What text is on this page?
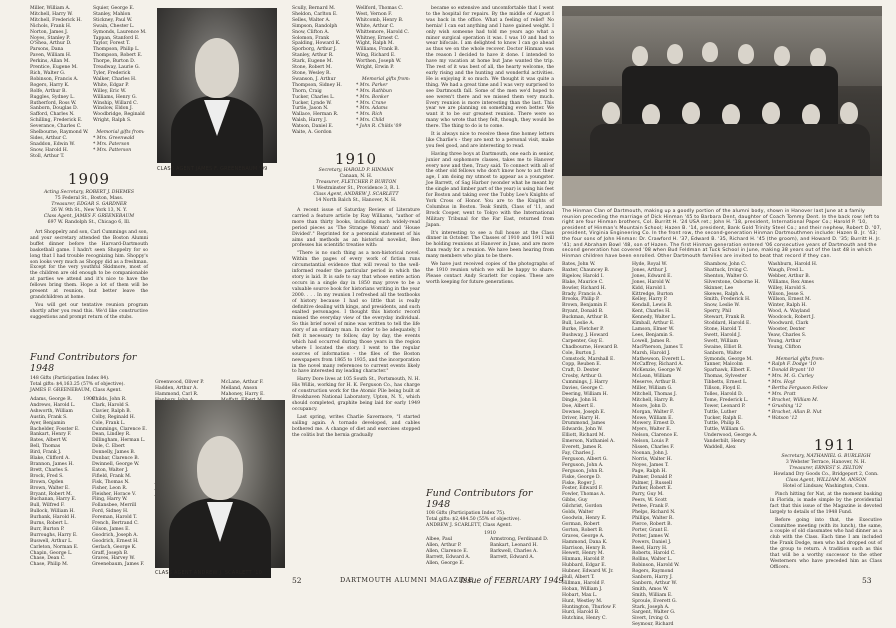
Miller, William A.
Mitchell, Harry W.
Mitchell, Frederick H.
Nichols, Frank H.
Norton, James J.
Noyes, Stanley P.
O'Shea, Arthur D.
Parsons, Dana
Paven, William H.
Perkins, Allan M.
Prentice, Eugene M.
Rich, Walter G.
Robinson, Francis A.
Rogers, Harry K.
Rolfe, Arthur B.
Ruggles, Sydney L.
Rutherford, Ross W.
Sanborn, Douglas D.
Safford, Charles N.
Schilling, Frederick E.
Severance, Charles C.
Shelbourne, Raymond W.
Sides, Arthur C.
Snaddon, Edwin W.
Snow, Harold H.
Stoll, Arthur T.
Squier, George E.
Stanley, Mahlon
Stickney, Paul W.
Swain, Chester L.
Symonds, Laurence M.
Tappan, Stanford E.
Taylor, Forest T.
Thompson, Philip L.
Thompson, Robert E.
Thorpe, Burton D.
Treadway, Laurie G.
Tyler, Frederick
Walker, Charles H.
White, Edgar P.
Willey, Eric W.
Williams, Henry G.
Winship, Willard C.
Winslow, Eldon J.
Woodbridge, Reginald
Wright, Ralph S.

Memorial gifts from:
* Mrs. Greenwald
* Mrs. Paterson
* Mrs. Patterson
1909
Acting Secretary, ROBERT J. DHEMES
75 Federal St., Boston, Mass.
Treasurer, EDGAR S. GARDNER
26 W. 9th St., New York 13, N. Y.
Class Agent, JAMES F. GREENEBAUM
697 W. Randolph St., Chicago 6, Ill.
Art Shoppelry and son, Carl Cummings and son, and your secretary attended the Boston Alumni buffet dinner before the Harvard-Dartmouth basketball game. I hadn't seen Shoppelry for so long that I had trouble recognizing him. Shoppy's son looks very much as Shoppy did as a freshman. Except for the very youthful Skidmore, most of the children are old enough to be companionable at parties we attend and it's nice to have the fellows bring them. Hope a lot of them will be present at reunion, but better leave the grandchildren at home.
You will get our tentative reunion program shortly after you read this. We'd like constructive suggestions and prompt return of the stubs.
Fund Contributors for 1948
148 Gifts (Participation Index 84).
Total gifts: $4,163.25 (57% of objective).
JAMES F. GREENEBAUM, Class Agent.
1909
Adams, George R.
Andrews, Harold L.
Ashworth, William
Austin, Frank S.
Ayer, Benjamin
Bachelder, Fosster E.
Bankart, Henry F.
Bates, Albert W.
Bell, Thomas
Bird, Frank J.
Blake, Clifford A.
Brannon, James H.
Brett, Charles S.
Brock, Fred S.
Brown, Ogden
Brown, Walter E.
Bryant, Robert M.
Buchanan, Harry E.
Bull, Wilfred F.
Bullock, William H.
Burbank, Harold H.
Burns, Robert L.
Burr, Burton P.
Burroughs, Harry E.
Buswell, Arthur L.
Carleton, Norman E.
Chapin, George L.
Chase, Dean C.
Chase, Philip M.
Childs, John R.
Clark, Harold S.
Clavier, Ralph B.
Colby, Reginald H.
Cole, Frank L.
Cummings, Clarence E.
Dean, Lindley R.
Dillingham, Herman L.
Dole, C. Ebert
Donnelly, James B.
Dunbar, Clarence B.
Dwinnell, George W.
Eaton, Walter J.
Fifield, Frank M.
Fisk, Thomas N.
Fisher, Leon R.
Fleisher, Horace V.
Fling, Harry W.
Follansbee, Merrill
Ford, Sidney H.
Foreman, Harold T.
French, Bertrand C.
Gilson, James E.
Goodrich, Joseph A.
Goodrich, Ernest H.
Gerlach, George K.
Graff, Joseph B.
Graves, Harvey W.
Greenebaum, James F.
Greenwood, Oliver P.
Hadden, Arthur A.
Hammond, Carl R.
McLane, Arthur F.
Melland, Anson
Mahoney, Harry E.
CLASS AGENT JAMES F. GREENEBAUM '09
CLASS AGENT ANDREW J. SCARLETT '10
52
Scully, Bernard M.
Sheldon, Carlton E.
Selles, Walter A.
Simpson, Randolph
Snow, Clifton A.
Solomon, Frank
Spalding, Howard K.
Sporborg, Arthur J.
Stanley, Arthur R.
Stark, Eugene M.
Stone, Robert M.
Stone, Wesley R.
Swanson, J. Arthur
Thompson, Sidney H.
Thorn, Craig
Tucker, Charles L.
Tucker, Lynde W.
Turtle, Jason N.
Wallace, Herman R.
Walsh, Harry J.
Watson, Daniel E.
Waite, A. Gordon
Wellford, Thomas C.
West, Vernon F.
Whitcomb, Henry B.
White, Arthur C.
Whittemore, Harold C.
Whitney, Ernest C.
Wight, Ralph M.
Williams, Frank B.
Wing, Richard E.
Worthen, Joseph W.
Wright, Erwin P.

Memorial gifts from:
* Mrs. Parker
* Mrs. Rathbun
* Mrs. Bonker
* Mrs. Crane
* Mrs. Adams
* Mrs. Rich
* Mrs. Child
* John R. Childs '09
1910
Secretary, HAROLD P. HINMAN
Canaan, N. H.
Treasurer, FLETCHER P. BURTON
1 Westminster St., Providence 3, R. I.
Class Agent, ANDREW J. SCARLETT
14 North Balch St., Hanover, N. H.
A recent issue of Saturday Review of Literature carried a feature article by Ray Williams, "author of more than thirty books, including such widely-read period pieces as 'The Strange Woman' and 'House Divided'." Reprinted for a perennial statement of his aims and methods as an historical novelist, Ben professes his scientific treatise with:
"There is no such thing as a non-historical novel. Within the pages of every work of fiction runs circumstantial evidence that will reveal to the well-informed reader the particular period in which the story is laid. It is safe to say that whose entire action occurs in a single day in 1850 may prove to be a valuable source book for historians writing in the year 2000. . . . In my reunion I refreshed all the textbooks of history because I had so little that is really definitive dealing with kings, and presidents, and such exalted personages. I thought this historic record missed the everyday view of the everyday individual. So this brief novel of mine was written to tell the life story of an ordinary man. In order to be adequately, I felt it necessary to follow, day by day, the events which had occurred during those years in the region where I located the story. I went to the regular sources of information - the files of the Boston newspapers from 1865 to 1935, and the incorporation in the novel many references to current events likely to have interested my leading character."
Harry Dore lives at 105 South St., Portsmouth, N. H. His Willis, working for H. K. Ferguson Co., has charge of construction work for the Atomic Pile being built at Brookhaven National Laboratory, Upton, N. Y., which should completed, graphite being laid for early 1949 occupancy.
Last spring, writes Charlie Savermore, "I started sailing again. A tornado developed, and cables bothered me. A change of diet and exercises stopped the colitis but the hernia gradually
became so extensive and uncomfortable that I went to the hospital for repairs. By the middle of August I was back in the office. What a feeling of relief! No hernia! I can eat anything and I have gained weight. I only wish someone had told me years ago what a minor surgical operation it was. I was 10 and had to wear bifocals. I am delighted to know I can go ahead as thus we on the whole recover. Doctor Hinman was the reason I decided to have it done. I intended to have my vacation at home but Jane wanted the trip. The rest of it was best of all, the hearty welcome, the early rising and the hunting and wonderful activities. He is enjoying it so much. We thought it was quite a thing. We had a great time and I was very surprised to see Dartmouth fall. Some of the men we'd hoped to see weren't there and we missed them very much. Every reunion is more interesting than the last. This year we are planning on something even better. We want it to be our greatest reunion. There were so many who wrote that they felt, though, they would be there. The thing to do is to come.
It is always nice to receive these fine homey letters like Charlie's - they are next to a personal visit, make you feel good, and are interesting to read.
Having three boys at Dartmouth, one each in senior, junior and sophomore classes, takes me to Hanover every now and then, Tracy said. To connect with all of the other old fellows who don't know how to act their age, I am doing my utmost to appear as a youngster. Joe Barrett, of Sag Harbor (wonder what he meant by the single and limber part of the year) is using his feet for Boston and taking over the Tubby Lee's Knights of York Cross of Honor. You are to the Knights of Columbus in Boston. Teak Smith, Class of '11, and Brock Cooper, went to Tokyo with the International Military Tribunal for the Far East, returned from Japan.
It's interesting to see a full house at the Class dinner in October. The Classes of 1910 and 1911 will be holding reunions at Hanover in June, and are more than ready for a reunion. We have been hearing from many members who plan to be there.
We have just received copies of the photographs of the 1910 reunion which we will be happy to share. Please contact Andy Scarlett for copies. These are worth keeping for future generations.
Fund Contributors for 1948
108 Gifts (Participation Index 75).
Total gifts: $2,484.50 (55% of objective).
ANDREW J. SCARLETT, Class Agent.
1910
Albee, Paul
Allen, Arthur P.
Allen, Clarence E.
Barrett, Edward A.
Allen, George E.
Armstrong, Ferdinand D.
Bankart, Leonard H.
Barkwell, Charles A.
Barrett, Edward A.
DARTMOUTH ALUMNI MAGAZINE
Issue of FEBRUARY 1949
The Hinman Clan of Dartmouth, making up a goodly portion of the alumni body, shown in Hanover last June at a family reunion preceding the marriage of Dick Hinman '45 to Barbara Dent, daughter of Coach Tommy Dent. In the back row: left to right are four Hinman brothers, Col. Burritt H. '24 USA ret.; John H. '18, president, International Paper Co.; Harold P. '10, president of Hinman's Mountain School; Hazen B. '14, president, Bank Gold Trinity Steel Co.; and their nephew, Robert D. '07, president, Virginia Engineering Co. In the front row, the second-generation Hinman Dartmouthmen include: Hazen B. Jr. '43; the four sons of John Hinman: Dr. Crawford H. '37, Edward B. '35, Richard H. '45 (the groom), and Howard D. '35; Burritt H. Jr. '41; and Abraham Bowl '48, son of Hazen. The first Hinman generation entered '06 consecutive years of Dartmouth and the second generation has covered '08 when Bud Feldman at Tuck School in June, making 38 years out of the last 48 in which Hinman children have been enrolled. Other Dartmouth families are invited to beat that record if they can.
Bates, John W.
Baxter, Chauncey B.
Bigelow, Harold I.
Blake, Maurice C.
Bowler, Richard H.
Brady, Francis A.
Brooks, Philip P.
Brown, Benjamin F.
Bryant, Donald B.
Buckman, Arthur B.
Bull, Leslie A.
Burke, Fletcher P.
Bushway, J. Howard
Carpenter, Guy E.
Chadbourne, Howard B.
Cole, Burton J.
Comstock, Marshall E.
Copp, Reuben E.
Craft, D. Dexter
Crosby, Arthur O.
Cummings, J. Harry
Davies, George C.
Deering, William H.
Dingle, John H.
Doe, Albert E.
Downes, Joseph E.
Driver, Harry H.
Drummond, James
Edwards, John W.
Elliott, Richard M.
Emerson, Nathaniel A.
Everett, James R.
Fay, Charles J.
Ferguson, Albert G.
Ferguson, John A.
Ferguson, John R.
Fiske, George D.
Fiske, Roger J.
Foster, Edward F.
Fowler, Thomas A.
Gibbs, Guy
Gilchrist, Gordon
Golds, Walter
Goodwin, Henry E.
Gorman, Robert
Gorton, Robert B.
Graves, George A.
Hammond, Dana K.
Harrison, Henry B.
Hewett, Henry M.
Hinman, Harold P.
Hubbard, Edgar E.
Hubner, Edward W. Jr.
Hull, Albert T.
Hillman, Harold F.
Hoban, William J.
Hobart, Max L.
Hunt, Westley M.
Huntington, Thurlow F.
Hurd, Harold B.
Hutchins, Henry C.
Hyde, Royal W.
Jones, Arthur J.
Jones, Edward E.
Jones, Harold W.
Kidd, Harold I.
Kittredge, Burton
Kelley, Harry P.
Kendall, Lewis B.
Kent, Charles H.
Kennedy, Walter L.
Kimball, Arthur E.
Lamson, Elmer W.
Lees, Benjamin S.
Lowell, James R.
MacPherson, James T.
Marsh, Harold J.
Mathewson, Everett L.
McCaffrey, Richard A.
McKenzie, George W.
McLean, William
Meserve, Arthur B.
Miller, William G.
Mitchell, Thomas J.
Mitchell, Harry B.
Moore, John D.
Morgan, Walter F.
Mowe, William E.
Mowery, Ernest D.
Myers, Walter E.
Nelson, Clarence E.
Nelson, Louis P.
Nissen, Charles F.
Noonan, John J.
Norris, Walter H.
Noyes, James T.
Page, Ralph H.
Palmer, Donald P.
Palmer, J. Russell
Parker, Robert E.
Parry, Guy M.
Peers, W. Scott
Pettee, Frank F.
Phelps, Richard N.
Phillips, Walter R.
Pierce, Robert B.
Porter, Grant E.
Potter, James W.
Powers, Daniel J.
Reed, Harry H.
Roberts, Harold C.
Rollins, Walter L.
Robinson, Harold W.
Rogers, Raymond
Sanborn, Harry J.
Sanborn, Arthur W.
Smith, Amos W.
Smith, William E.
Sproule, Everett G.
Stark, Joseph A.
Sargent, Walter G.
Sivert, Irving O.
Seymour, Richard
Shambow, John C.
Shattuck, Irving C.
Shenton, Walter O.
Silverstone, Osborne H.
Skinner, Lee
Skewes, Ralph A.
Smith, Frederick H.
Snow, Leslie W.
Sperry, Phil
Stewart, Frank B.
Stoddard, Harold E.
Stone, Harold T.
Swett, Harold J.
Swett, William
Swaine, Elliot B.
Sanborn, Walter
Symonds, George M.
Tanner, Malcolm
Sparhawk, Elbert E.
Thomas, Sylvester
Tibbetts, Ernest L.
Tillson, Floyd E.
Tolles, Harold D.
Tome, Frederick L.
Tower, Leonard P.
Tuttle, Luther
Tucker, Ralph E.
Tuttle, Philip R.
Tuttle, William G.
Underwood, George A.
Vanderbilt, Henry
Waddell, Alex
Washburn, Harold H.
Waugh, Fred L.
Webber, Arthur B.
Williams, Rex Ames
Willey, Harold S.
Wilson, Jesse S.
Willson, Ernest M.
Winter, Ralph H.
Wood, A. Wayland
Woodcock, Robert J.
Woodward, Clark
Wooster, Dexter
Yeaw, Charles S.
Young, Arthur
Young, Clifton

Memorial gifts from:
* Ralph F. Dodge '10
* Donald Bryant '10
* Mrs. M. G. Curley
* Mrs. Hoyt
* Bertha Ferguson Fellow
* Mrs. Pratt
* Brachet, William M.
* Grushing '12
* Brachet, Allan B. Nut
* Watson '12
1911
Secretary, NATHANIEL G. BURLEIGH
3 Webster Terrace, Hanover, N. H.
Treasurer, ERNEST S. ZELTON
Howland Dry Goods Co., Bridgeport 2, Conn.
Class Agent, WILLIAM M. ANSON
Hotel of Lindsaw, Washington, Conn.
Pinch hitting for Nat, at the moment basking in Florida, is made simple by the providential fact that this issue of the Magazine is devoted largely to details of the 1948 Fund.
Before going into that, the Executive Committee meeting (with its lunch), the same, a couple of old classmates who had dinner as a club with the Class. Each time I am included the Frank Dodge, men who had dropped out of the group to return. A tradition such as this that will be a worthy successor to the other Westerners who have preceded him as Class Officers.
53
